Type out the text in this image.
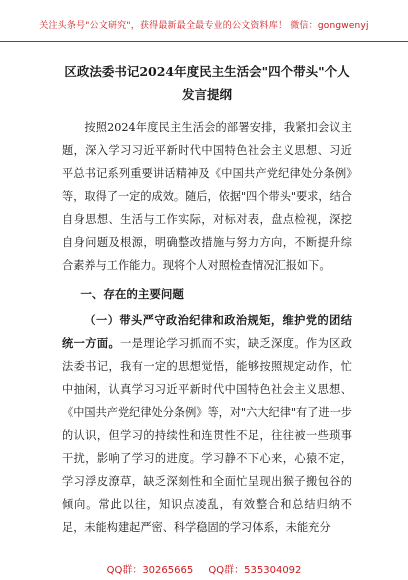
关注头条号"公文研究"，获得最新最全最专业的公文资料库！ 微信：gongwenyj
区政法委书记2024年度民主生活会"四个带头"个人发言提纲

按照2024年度民主生活会的部署安排，我紧扣会议主题，深入学习习近平新时代中国特色社会主义思想、习近平总书记系列重要讲话精神及《中国共产党纪律处分条例》等，取得了一定的成效。随后，依据"四个带头"要求，结合自身思想、生活与工作实际，对标对表，盘点检视，深挖自身问题及根源，明确整改措施与努力方向，不断提升综合素养与工作能力。现将个人对照检查情况汇报如下。

一、存在的主要问题

（一）带头严守政治纪律和政治规矩，维护党的团结统一方面。一是理论学习抓而不实，缺乏深度。作为区政法委书记，我有一定的思想觉悟，能够按照规定动作，忙中抽闲，认真学习习近平新时代中国特色社会主义思想、《中国共产党纪律处分条例》等，对"六大纪律"有了进一步的认识，但学习的持续性和连贯性不足，往往被一些琐事干扰，影响了学习的进度。学习静不下心来，心猿不定，学习浮皮潦草，缺乏深刻性和全面忙呈现出猴子搬包谷的倾向。常此以往，知识点凌乱，有效整合和总结归纳不足，未能构建起严密、科学稳固的学习体系，未能充分

QQ群：30265665 QQ群：535304092
